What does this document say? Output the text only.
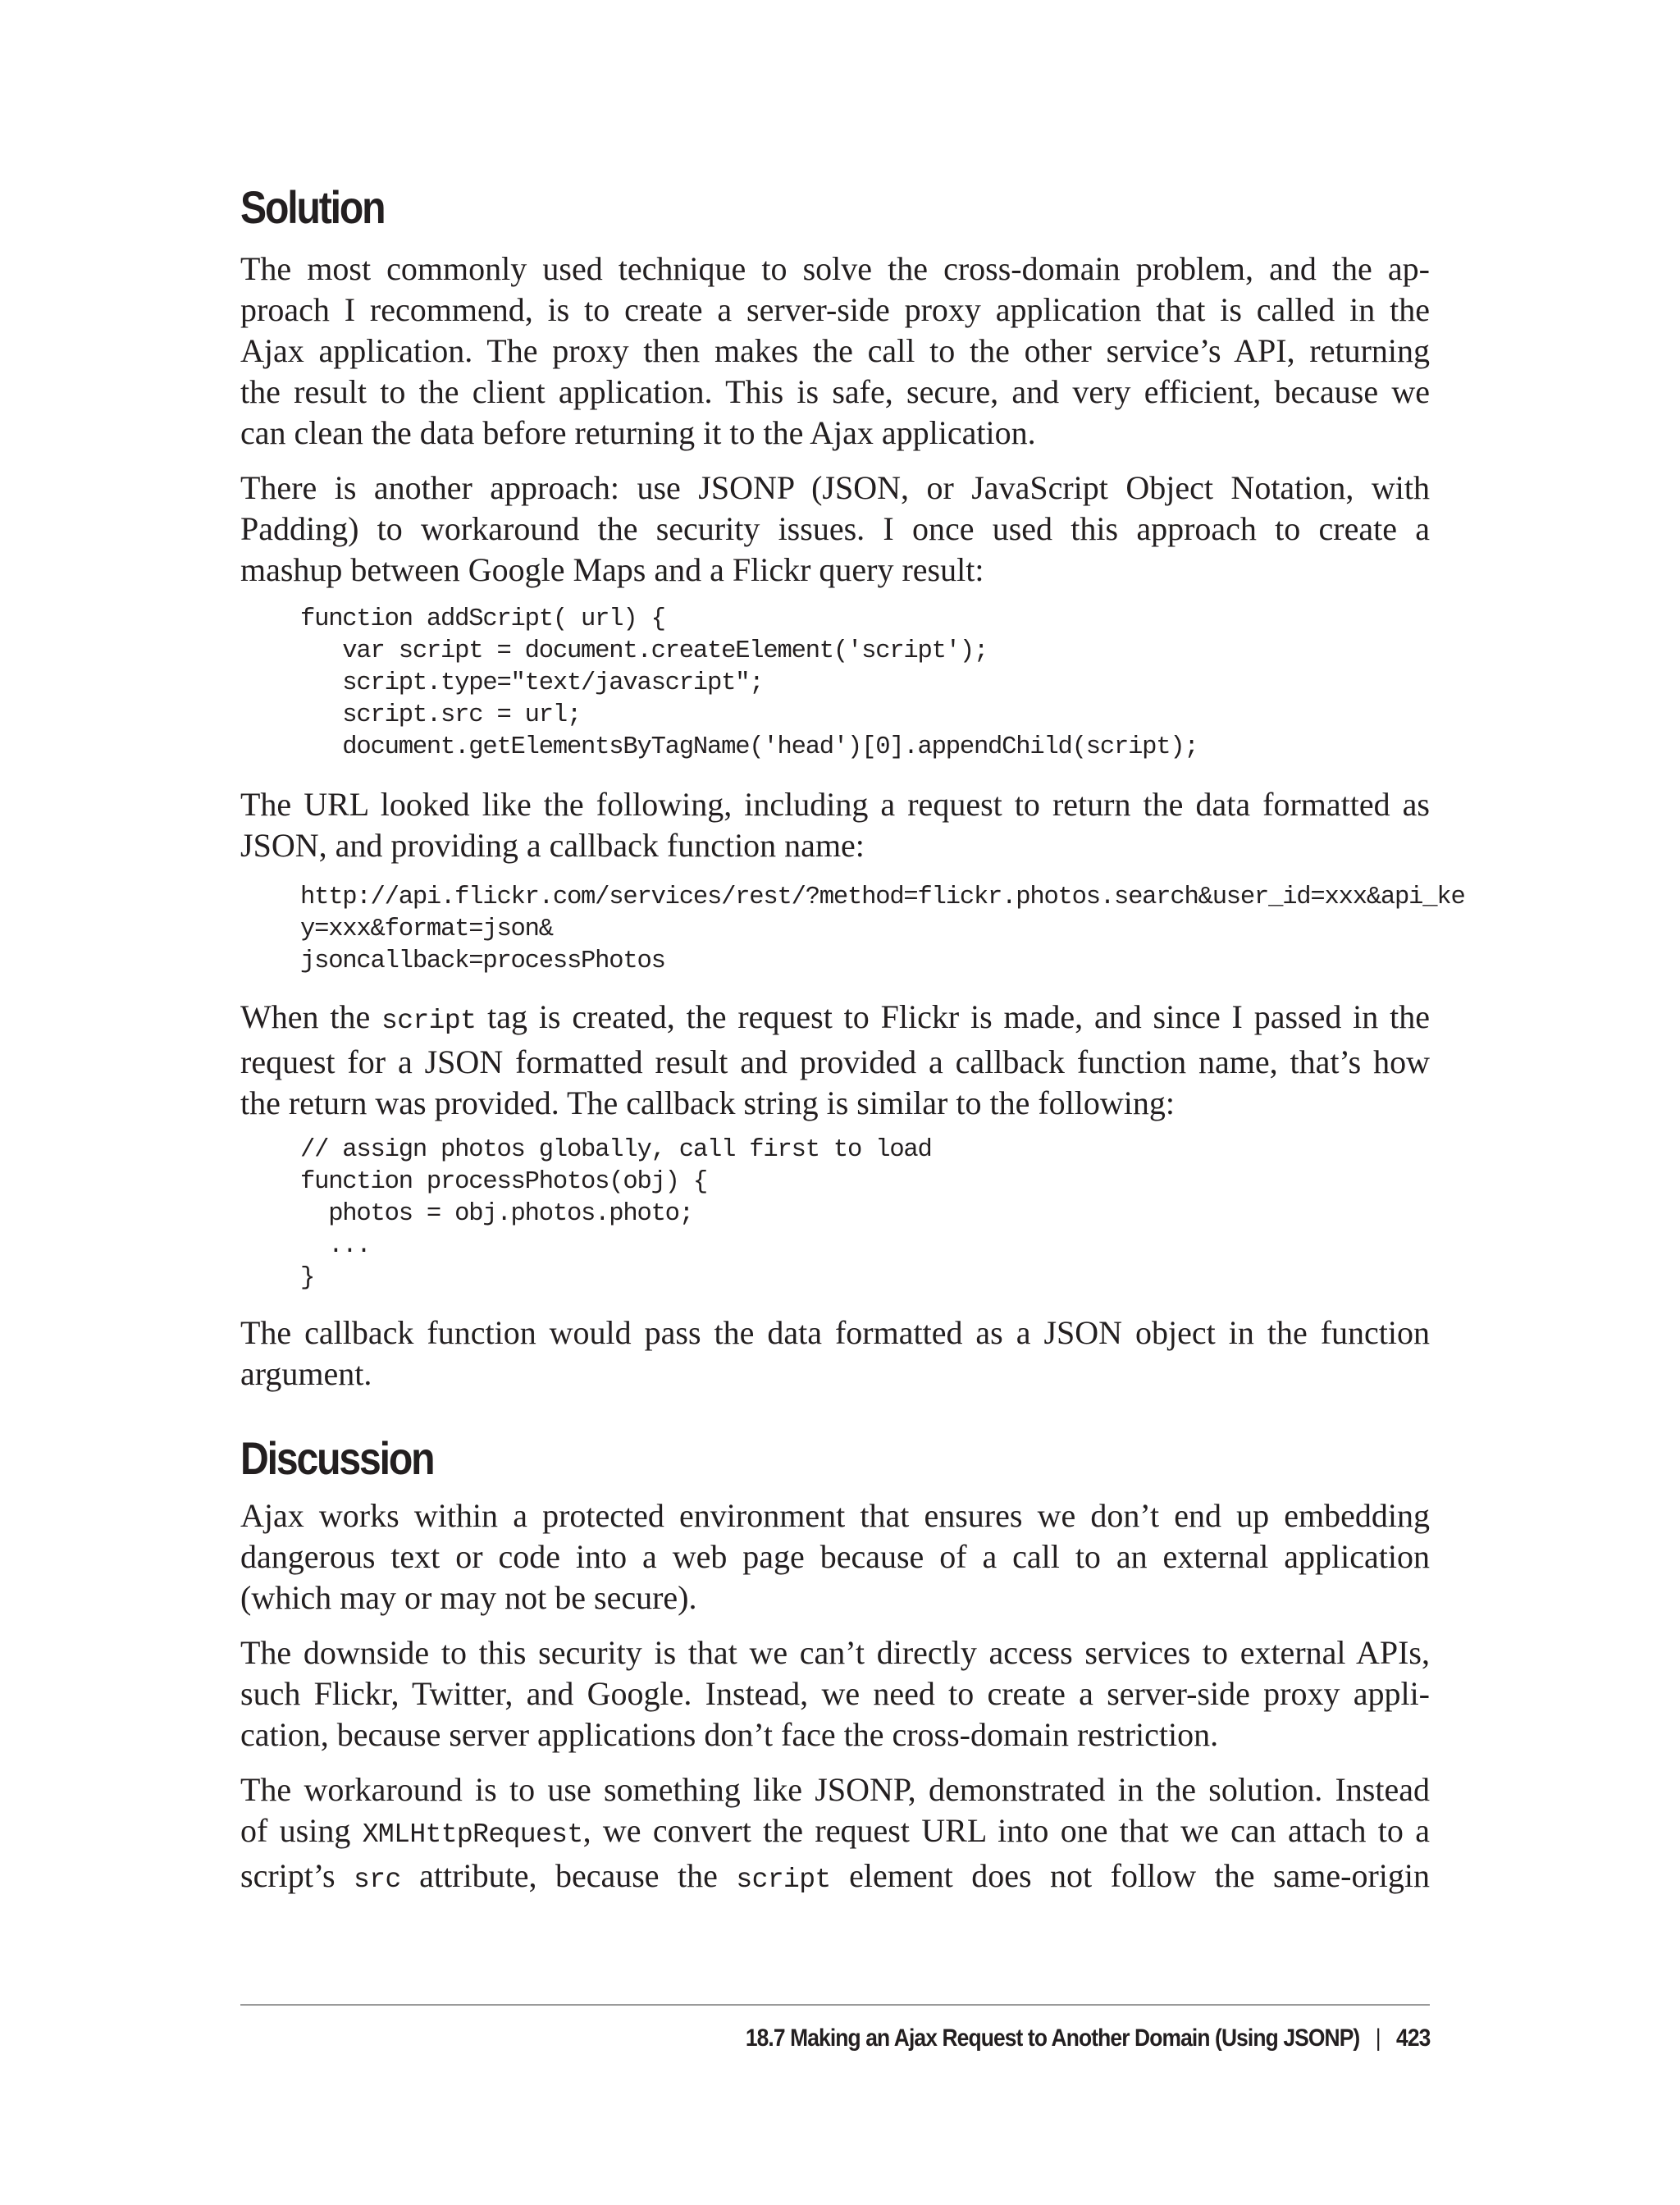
Solution
The most commonly used technique to solve the cross-domain problem, and the ap-
proach I recommend, is to create a server-side proxy application that is called in the
Ajax application. The proxy then makes the call to the other service’s API, returning
the result to the client application. This is safe, secure, and very efficient, because we
can clean the data before returning it to the Ajax application.
There is another approach: use JSONP (JSON, or JavaScript Object Notation, with
Padding) to workaround the security issues. I once used this approach to create a
mashup between Google Maps and a Flickr query result:
function addScript( url) {
var script = document.createElement('script');
script.type="text/javascript";
script.src = url;
document.getElementsByTagName('head')[0].appendChild(script);
The URL looked like the following, including a request to return the data formatted as
JSON, and providing a callback function name:
http://api.flickr.com/services/rest/?method=flickr.photos.search&user_id=xxx&api_ke
y=xxx&format=json&
jsoncallback=processPhotos
When the script tag is created, the request to Flickr is made, and since I passed in the
request for a JSON formatted result and provided a callback function name, that’s how
the return was provided. The callback string is similar to the following:
// assign photos globally, call first to load
function processPhotos(obj) {
photos = obj.photos.photo;
...
}
The callback function would pass the data formatted as a JSON object in the function
argument.
Discussion
Ajax works within a protected environment that ensures we don’t end up embedding
dangerous text or code into a web page because of a call to an external application
(which may or may not be secure).
The downside to this security is that we can’t directly access services to external APIs,
such Flickr, Twitter, and Google. Instead, we need to create a server-side proxy appli-
cation, because server applications don’t face the cross-domain restriction.
The workaround is to use something like JSONP, demonstrated in the solution. Instead
of using XMLHttpRequest, we convert the request URL into one that we can attach to a
script’s src attribute, because the script element does not follow the same-origin
18.7 Making an Ajax Request to Another Domain (Using JSONP) | 423
